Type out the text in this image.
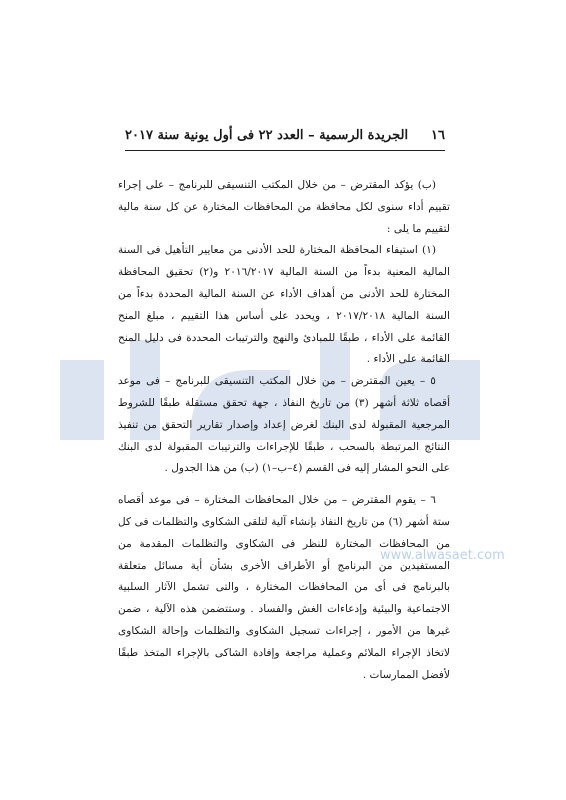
www.alwasaet.com
١٦
الجريدة الرسمية – العدد ٢٢ فى أول يونية سنة ٢٠١٧

(ب) يؤكد المقترض – من خلال المكتب التنسيقى للبرنامج – على إجراء تقييم أداء سنوى لكل محافظة من المحافظات المختارة عن كل سنة مالية لتقييم ما يلى :

(١) استيفاء المحافظة المختارة للحد الأدنى من معايير التأهيل فى السنة المالية المعنية بدءاً من السنة المالية ٢٠١٦/٢٠١٧ و(٢) تحقيق المحافظة المختارة للحد الأدنى من أهداف الأداء عن السنة المالية المحددة بدءاً من السنة المالية ٢٠١٧/٢٠١٨ ، ويحدد على أساس هذا التقييم ، مبلغ المنح القائمة على الأداء ، طبقًا للمبادئ والنهج والترتيبات المحددة فى دليل المنح القائمة على الأداء .

٥ – يعين المقترض – من خلال المكتب التنسيقى للبرنامج – فى موعد أقصاه ثلاثة أشهر (٣) من تاريخ النفاذ ، جهة تحقق مستقلة طبقًا للشروط المرجعية المقبولة لدى البنك لغرض إعداد وإصدار تقارير التحقق من تنفيذ النتائج المرتبطة بالسحب ، طبقًا للإجراءات والترتيبات المقبولة لدى البنك على النحو المشار إليه فى القسم (٤–ب–١) (ب) من هذا الجدول .

٦ – يقوم المقترض – من خلال المحافظات المختارة – فى موعد أقصاه ستة أشهر (٦) من تاريخ النفاذ بإنشاء آلية لتلقى الشكاوى والتظلمات فى كل من المحافظات المختارة للنظر فى الشكاوى والتظلمات المقدمة من المستفيدين من البرنامج أو الأطراف الأخرى بشأن أية مسائل متعلقة بالبرنامج فى أى من المحافظات المختارة ، والتى تشمل الآثار السلبية الاجتماعية والبيئية وإدعاءات الغش والفساد . وستتضمن هذه الآلية ، ضمن غيرها من الأمور ، إجراءات تسجيل الشكاوى والتظلمات وإحالة الشكاوى لاتخاذ الإجراء الملائم وعملية مراجعة وإفادة الشاكى بالإجراء المتخذ طبقًا لأفضل الممارسات .
